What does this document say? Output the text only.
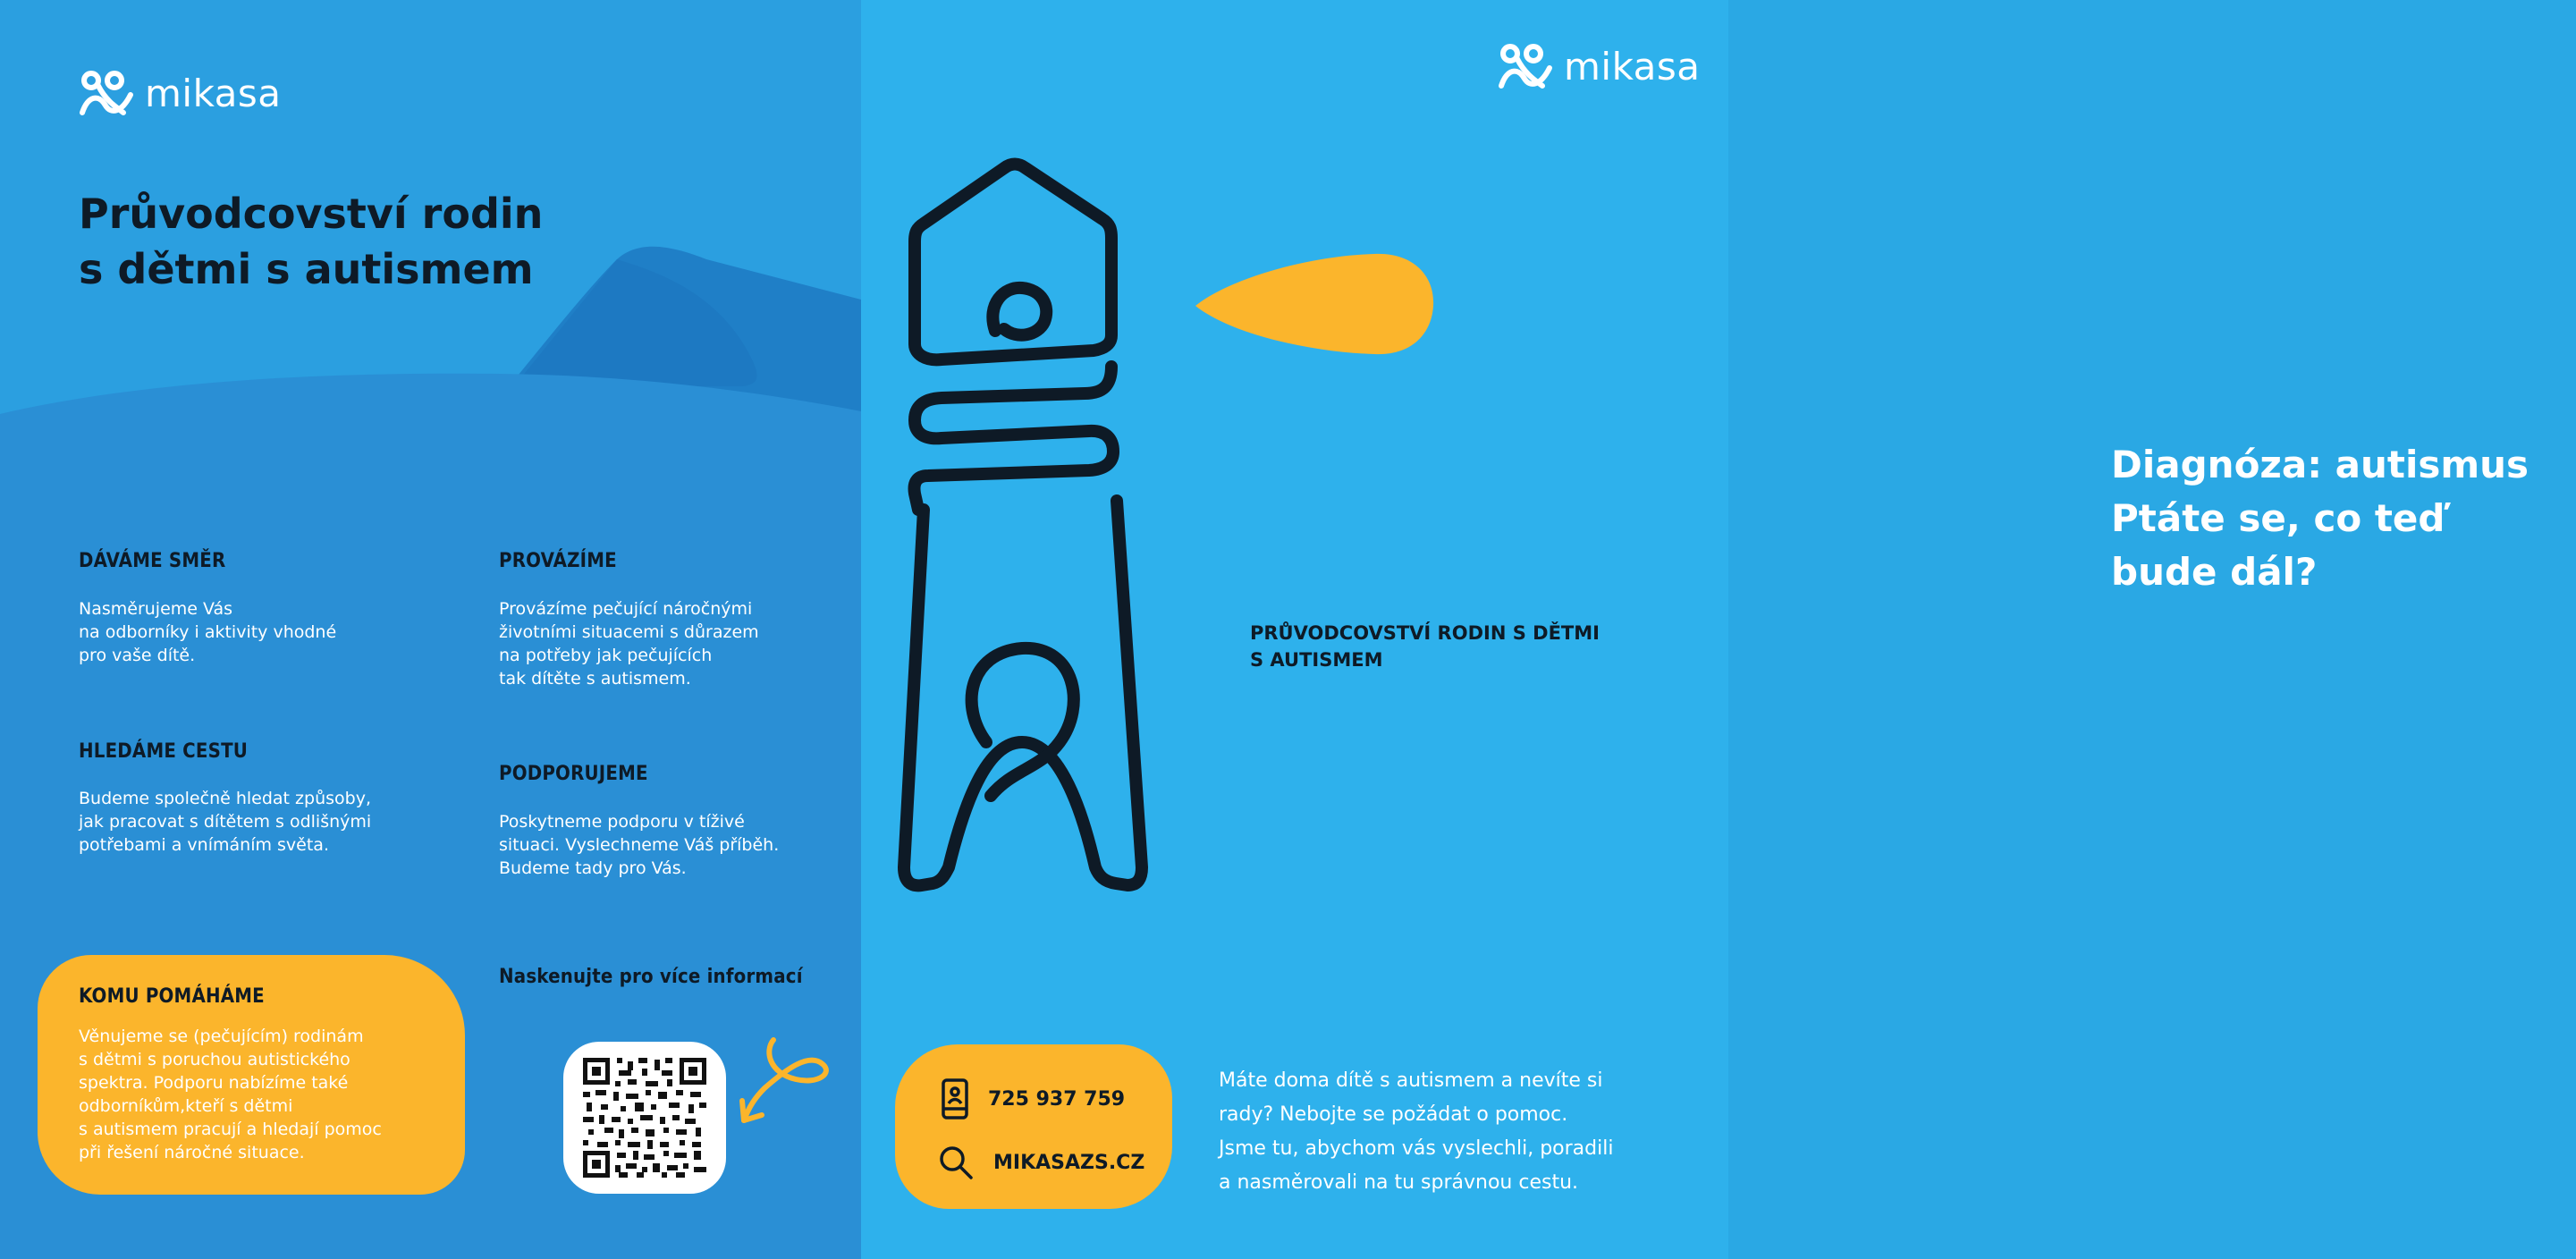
mikasa
Průvodcovství rodin
s dětmi s autismem
DÁVÁME SMĚR
Nasměrujeme Vás
na odborníky i aktivity vhodné
pro vaše dítě.
PROVÁZÍME
Provázíme pečující náročnými
životními situacemi s důrazem
na potřeby jak pečujících
tak dítěte s autismem.
HLEDÁME CESTU
Budeme společně hledat způsoby,
jak pracovat s dítětem s odlišnými
potřebami a vnímáním světa.
PODPORUJEME
Poskytneme podporu v tíživé
situaci. Vyslechneme Váš příběh.
Budeme tady pro Vás.
KOMU POMÁHÁME
Věnujeme se (pečujícím) rodinám
s dětmi s poruchou autistického
spektra. Podporu nabízíme také
odborníkům,kteří s dětmi
s autismem pracují a hledají pomoc
při řešení náročné situace.
Naskenujte pro více informací
mikasa
Diagnóza: autismus
Ptáte se, co teď
bude dál?
PRŮVODCOVSTVÍ RODIN S DĚTMI
S AUTISMEM
725 937 759
MIKASAZS.CZ
Máte doma dítě s autismem a nevíte si
rady? Nebojte se požádat o pomoc.
Jsme tu, abychom vás vyslechli, poradili
a nasměrovali na tu správnou cestu.
